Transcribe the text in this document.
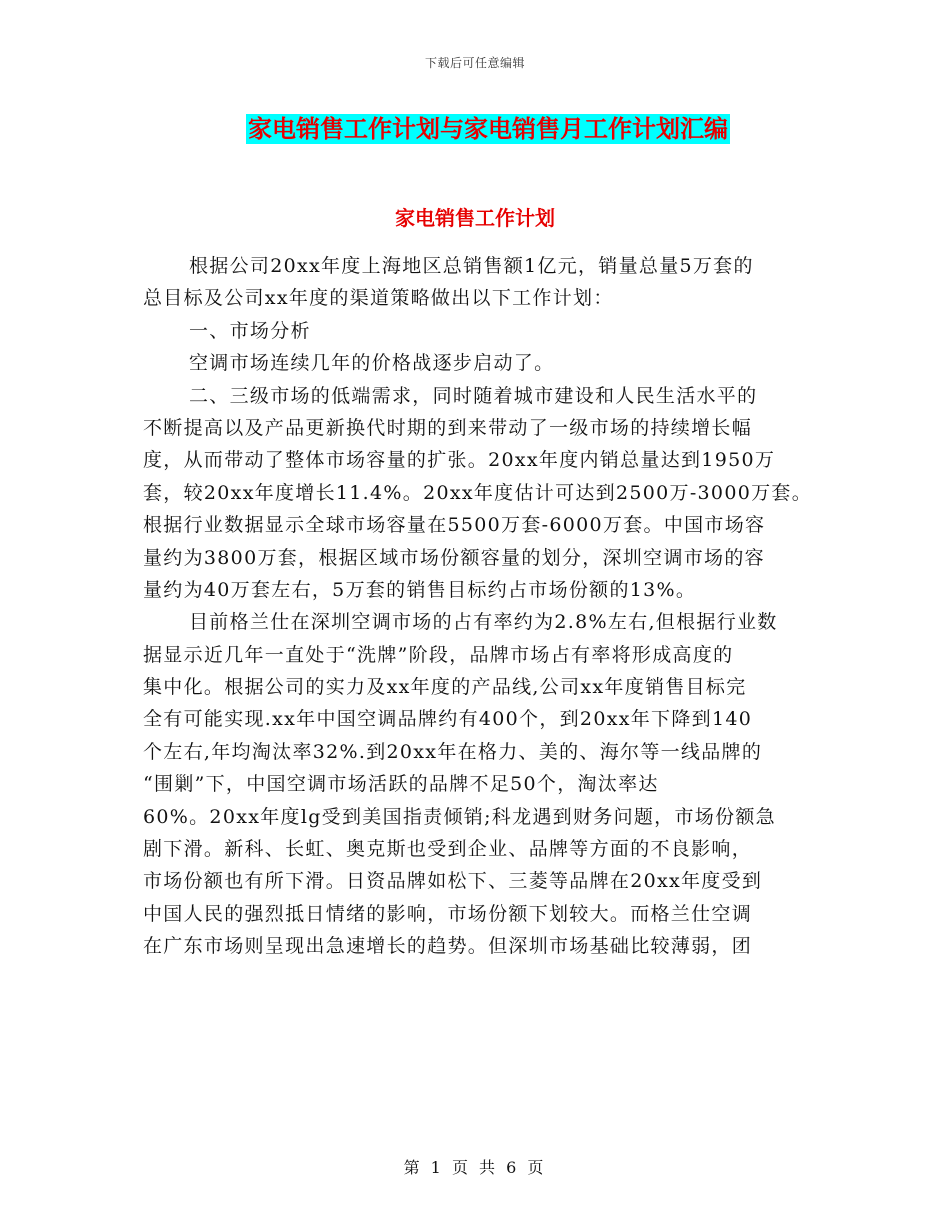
下载后可任意编辑
家电销售工作计划与家电销售月工作计划汇编
家电销售工作计划
根据公司20xx年度上海地区总销售额1亿元，销量总量5万套的
总目标及公司xx年度的渠道策略做出以下工作计划：
一、市场分析
空调市场连续几年的价格战逐步启动了。
二、三级市场的低端需求，同时随着城市建设和人民生活水平的
不断提高以及产品更新换代时期的到来带动了一级市场的持续增长幅
度，从而带动了整体市场容量的扩张。20xx年度内销总量达到1950万
套，较20xx年度增长11.4%。20xx年度估计可达到2500万-3000万套。
根据行业数据显示全球市场容量在5500万套-6000万套。中国市场容
量约为3800万套，根据区域市场份额容量的划分，深圳空调市场的容
量约为40万套左右，5万套的销售目标约占市场份额的13%。
目前格兰仕在深圳空调市场的占有率约为2.8%左右,但根据行业数
据显示近几年一直处于“洗牌”阶段，品牌市场占有率将形成高度的
集中化。根据公司的实力及xx年度的产品线,公司xx年度销售目标完
全有可能实现.xx年中国空调品牌约有400个，到20xx年下降到140
个左右,年均淘汰率32%.到20xx年在格力、美的、海尔等一线品牌的
“围剿”下，中国空调市场活跃的品牌不足50个，淘汰率达
60%。20xx年度lg受到美国指责倾销;科龙遇到财务问题，市场份额急
剧下滑。新科、长虹、奥克斯也受到企业、品牌等方面的不良影响，
市场份额也有所下滑。日资品牌如松下、三菱等品牌在20xx年度受到
中国人民的强烈抵日情绪的影响，市场份额下划较大。而格兰仕空调
在广东市场则呈现出急速增长的趋势。但深圳市场基础比较薄弱，团
第 1 页 共 6 页
